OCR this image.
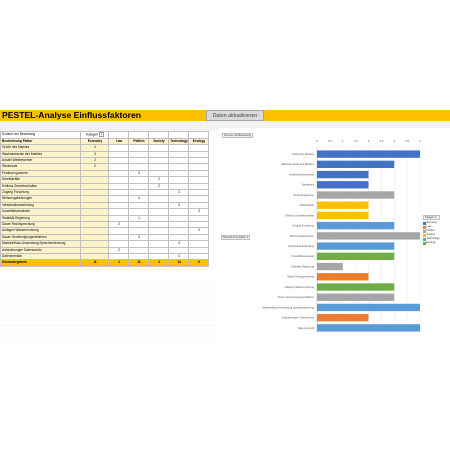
PESTEL-Analyse Einflussfaktoren	Daten aktualisieren
Summe von Bewertung	Kategori ▾					
Bezeichnung Faktor	Economy	Law	Politics	Society	Technology	Ecology
Größe des Marktes	4					
Wachstumsrate des Marktes	3					
Anzahl Wettbewerber	2					
Steuersatz	2					
Förderprogramme			3			
Arbeitskräfte				2		
Einfluss Gewerkschaften				2		
Zugang Forschung					3	
Wohnungsbindungen			4			
Infrastrukturanbindung					3	
Umweltbewusstsein						3
Stabilität Regierung			1			
Dauer Rechtsprechung		2				
Auflagen Wasserrnutzung						3
Dauer Genehmigungsverfahren			3			
Markteinfluss-Anwendung Sprachenkennung					4	
Anforderungen Datenschutz		2				
Datenmenturk					4	
Gesamtergebnis	11	4	11	4	14	6
0	0.5	1	1.5	2	2.5	3	3.5	4
Größe des Marktes
Wachstumsrate des Marktes
Anzahl Wettbewerber
Steuersatz
Förderprogramme
Arbeitskräfte
Einfluss Gewerkschaften
Zugang Forschung
Wohnungsbindungen
Infrastrukturanbindung
Umweltbewusstsein
Stabilität Regierung
Dauer Rechtsprechung
Auflagen Wasserrnutzung
Dauer Genehmigungsverfahren
Markteinfluss-Anwendung Sprachenkennung
Anforderungen Datenschutz
Datenmenturk
Summe von Bewertung
Bezeichnung Faktor ▾
Kategori ▾
Economy
Law
Politics
Society
Technology
Ecology
